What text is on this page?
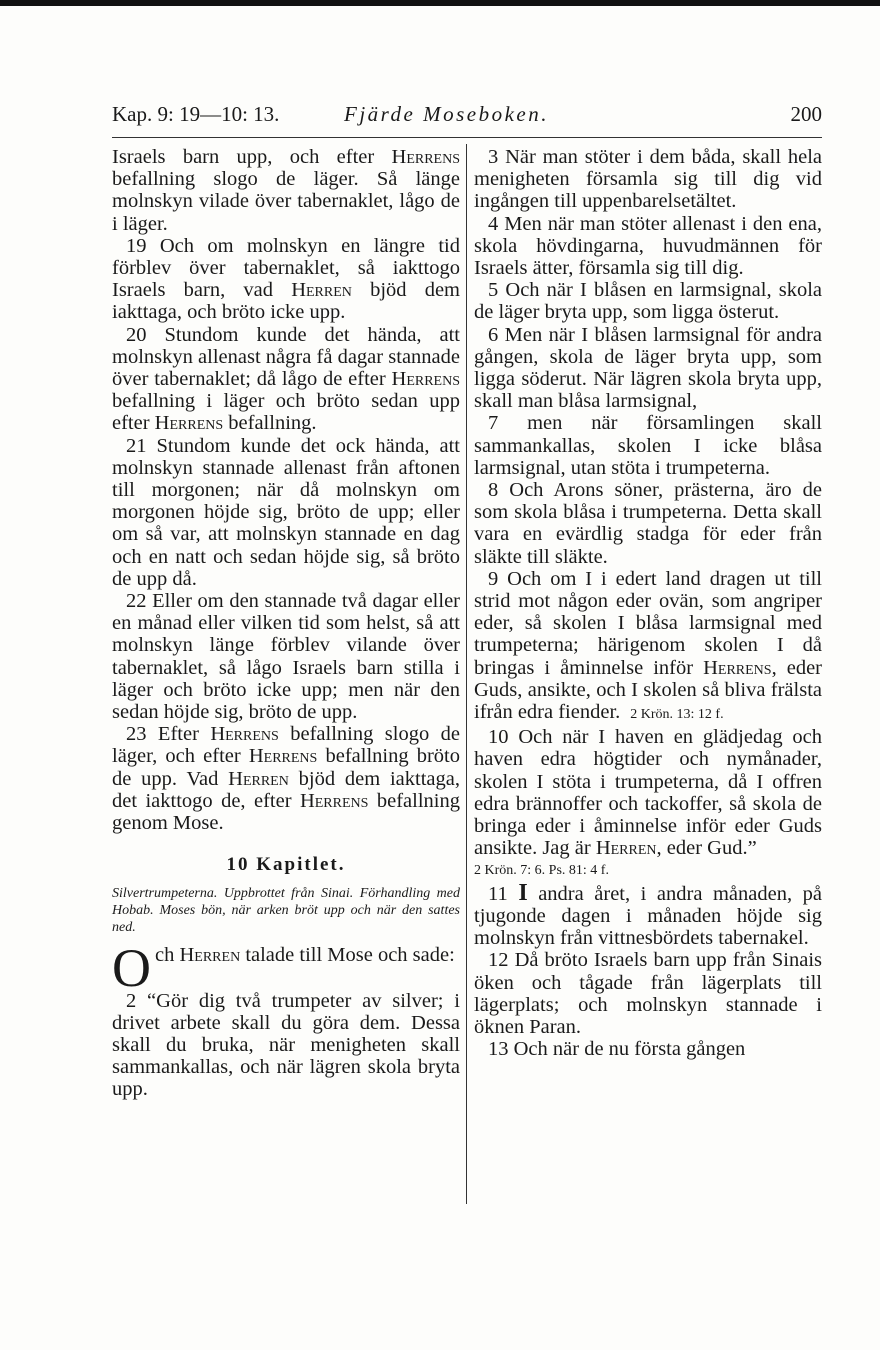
Kap. 9: 19—10: 13.	Fjärde Moseboken.	200

Israels barn upp, och efter Herrens befallning slogo de läger. Så länge molnskyn vilade över tabernaklet, lågo de i läger.

19 Och om molnskyn en längre tid förblev över tabernaklet, så iakttogo Israels barn, vad Herren bjöd dem iakttaga, och bröto icke upp.

20 Stundom kunde det hända, att molnskyn allenast några få dagar stannade över tabernaklet; då lågo de efter Herrens befallning i läger och bröto sedan upp efter Herrens befallning.

21 Stundom kunde det ock hända, att molnskyn stannade allenast från aftonen till morgonen; när då molnskyn om morgonen höjde sig, bröto de upp; eller om så var, att molnskyn stannade en dag och en natt och sedan höjde sig, så bröto de upp då.

22 Eller om den stannade två dagar eller en månad eller vilken tid som helst, så att molnskyn länge förblev vilande över tabernaklet, så lågo Israels barn stilla i läger och bröto icke upp; men när den sedan höjde sig, bröto de upp.

23 Efter Herrens befallning slogo de läger, och efter Herrens befallning bröto de upp. Vad Herren bjöd dem iakttaga, det iakttogo de, efter Herrens befallning genom Mose.

10 Kapitlet.
Silvertrumpeterna. Uppbrottet från Sinai. Förhandling med Hobab. Moses bön, när arken bröt upp och när den sattes ned.

Och Herren talade till Mose och sade:

2 “Gör dig två trumpeter av silver; i drivet arbete skall du göra dem. Dessa skall du bruka, när menigheten skall sammankallas, och när lägren skola bryta upp.

3 När man stöter i dem båda, skall hela menigheten församla sig till dig vid ingången till uppenbarelsetältet.

4 Men när man stöter allenast i den ena, skola hövdingarna, huvudmännen för Israels ätter, församla sig till dig.

5 Och när I blåsen en larmsignal, skola de läger bryta upp, som ligga österut.

6 Men när I blåsen larmsignal för andra gången, skola de läger bryta upp, som ligga söderut. När lägren skola bryta upp, skall man blåsa larmsignal,

7 men när församlingen skall sammankallas, skolen I icke blåsa larmsignal, utan stöta i trumpeterna.

8 Och Arons söner, prästerna, äro de som skola blåsa i trumpeterna. Detta skall vara en evärdlig stadga för eder från släkte till släkte.

9 Och om I i edert land dragen ut till strid mot någon eder ovän, som angriper eder, så skolen I blåsa larmsignal med trumpeterna; härigenom skolen I då bringas i åminnelse inför Herrens, eder Guds, ansikte, och I skolen så bliva frälsta ifrån edra fiender. 2 Krön. 13: 12 f.

10 Och när I haven en glädjedag och haven edra högtider och nymånader, skolen I stöta i trumpeterna, då I offren edra brännoffer och tackoffer, så skola de bringa eder i åminnelse inför eder Guds ansikte. Jag är Herren, eder Gud.”

2 Krön. 7: 6. Ps. 81: 4 f.

11 I andra året, i andra månaden, på tjugonde dagen i månaden höjde sig molnskyn från vittnesbördets tabernakel.

12 Då bröto Israels barn upp från Sinais öken och tågade från lägerplats till lägerplats; och molnskyn stannade i öknen Paran.

13 Och när de nu första gången
